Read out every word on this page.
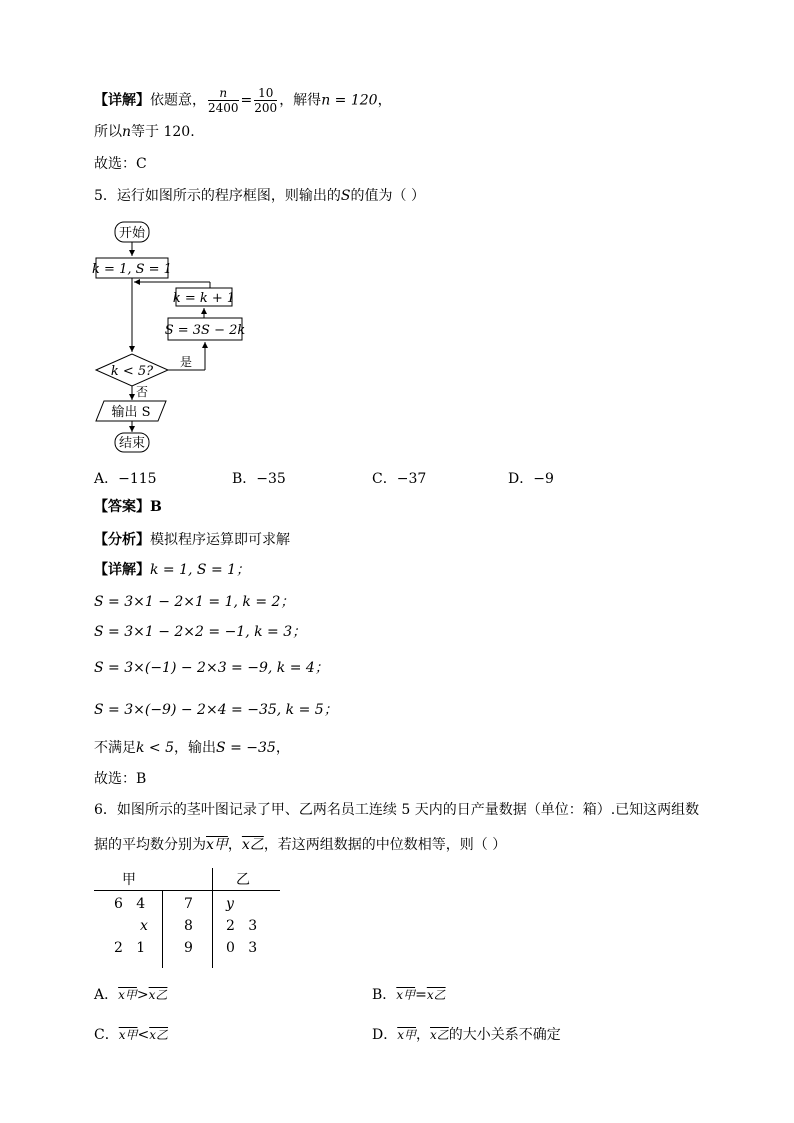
【详解】依题意， $\frac{n}{2400} = \frac{10}{200}$ ，解得n = 120，
所以n等于 120.
故选：C
5．运行如图所示的程序框图，则输出的S的值为（ ）
开始
k = 1, S = 1
k = k + 1
S = 3S − 2k
k < 5?
是
否
输出 S
结束
A．−115	B．−35	C．−37	D．−9
【答案】B
【分析】模拟程序运算即可求解
【详解】k = 1, S = 1；
S = 3×1 − 2×1 = 1, k = 2；
S = 3×1 − 2×2 = −1, k = 3；
S = 3×(−1) − 2×3 = −9, k = 4；
S = 3×(−9) − 2×4 = −35, k = 5；
不满足k < 5，输出S = −35，
故选：B
6．如图所示的茎叶图记录了甲、乙两名员工连续 5 天内的日产量数据（单位：箱）.已知这两组数
据的平均数分别为x甲，x乙，若这两组数据的中位数相等，则（ ）
甲	乙
6   4	7 y
x	8 2   3
2   1	9 0   3
A．x甲>x乙	B．x甲=x乙
C．x甲<x乙	D．x甲，x乙的大小关系不确定
